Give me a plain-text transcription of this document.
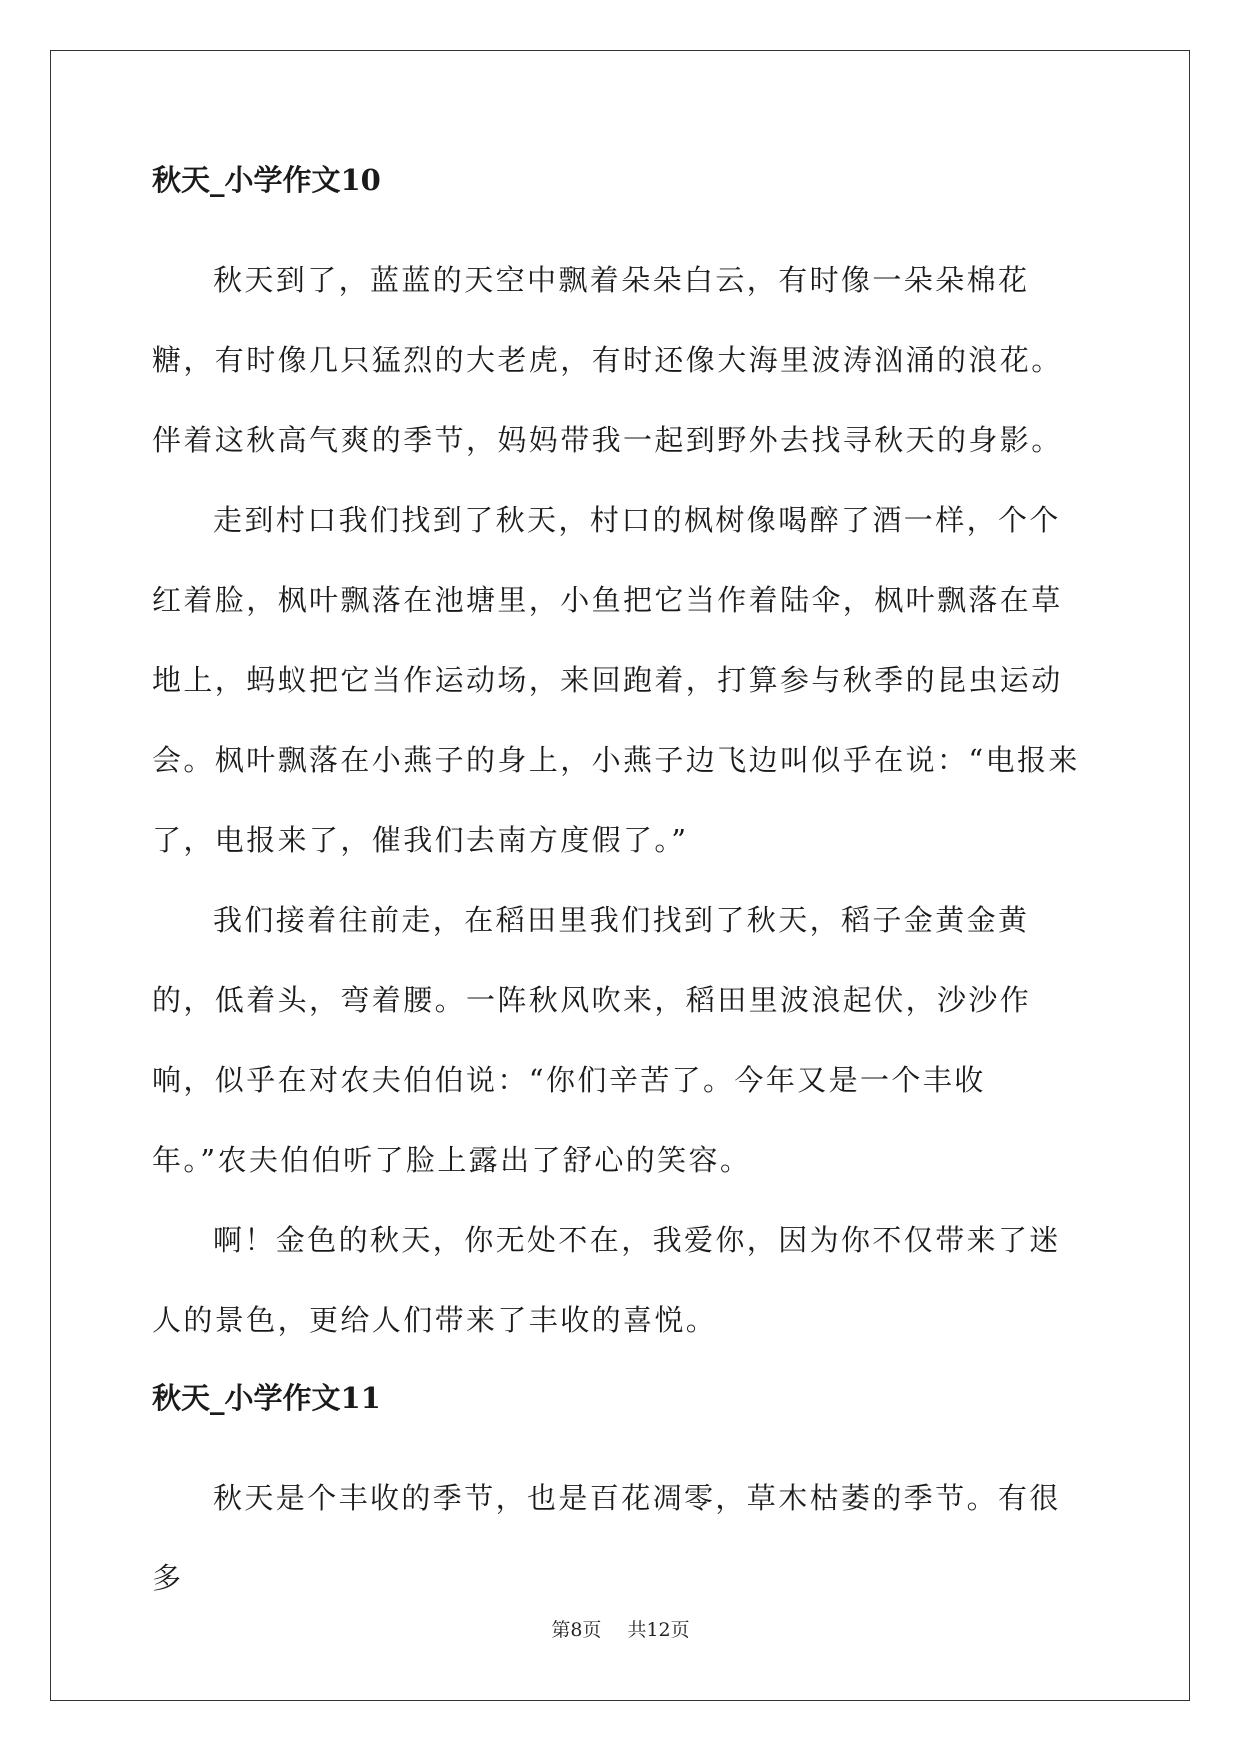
秋天_小学作文10

秋天到了，蓝蓝的天空中飘着朵朵白云，有时像一朵朵棉花糖，有时像几只猛烈的大老虎，有时还像大海里波涛汹涌的浪花。伴着这秋高气爽的季节，妈妈带我一起到野外去找寻秋天的身影。

走到村口我们找到了秋天，村口的枫树像喝醉了酒一样，个个红着脸，枫叶飘落在池塘里，小鱼把它当作着陆伞，枫叶飘落在草地上，蚂蚁把它当作运动场，来回跑着，打算参与秋季的昆虫运动会。枫叶飘落在小燕子的身上，小燕子边飞边叫似乎在说：“电报来了，电报来了，催我们去南方度假了。”

我们接着往前走，在稻田里我们找到了秋天，稻子金黄金黄的，低着头，弯着腰。一阵秋风吹来，稻田里波浪起伏，沙沙作响，似乎在对农夫伯伯说：“你们辛苦了。今年又是一个丰收年。”农夫伯伯听了脸上露出了舒心的笑容。

啊！金色的秋天，你无处不在，我爱你，因为你不仅带来了迷人的景色，更给人们带来了丰收的喜悦。

秋天_小学作文11

秋天是个丰收的季节，也是百花凋零，草木枯萎的季节。有很多

第8页 共12页
